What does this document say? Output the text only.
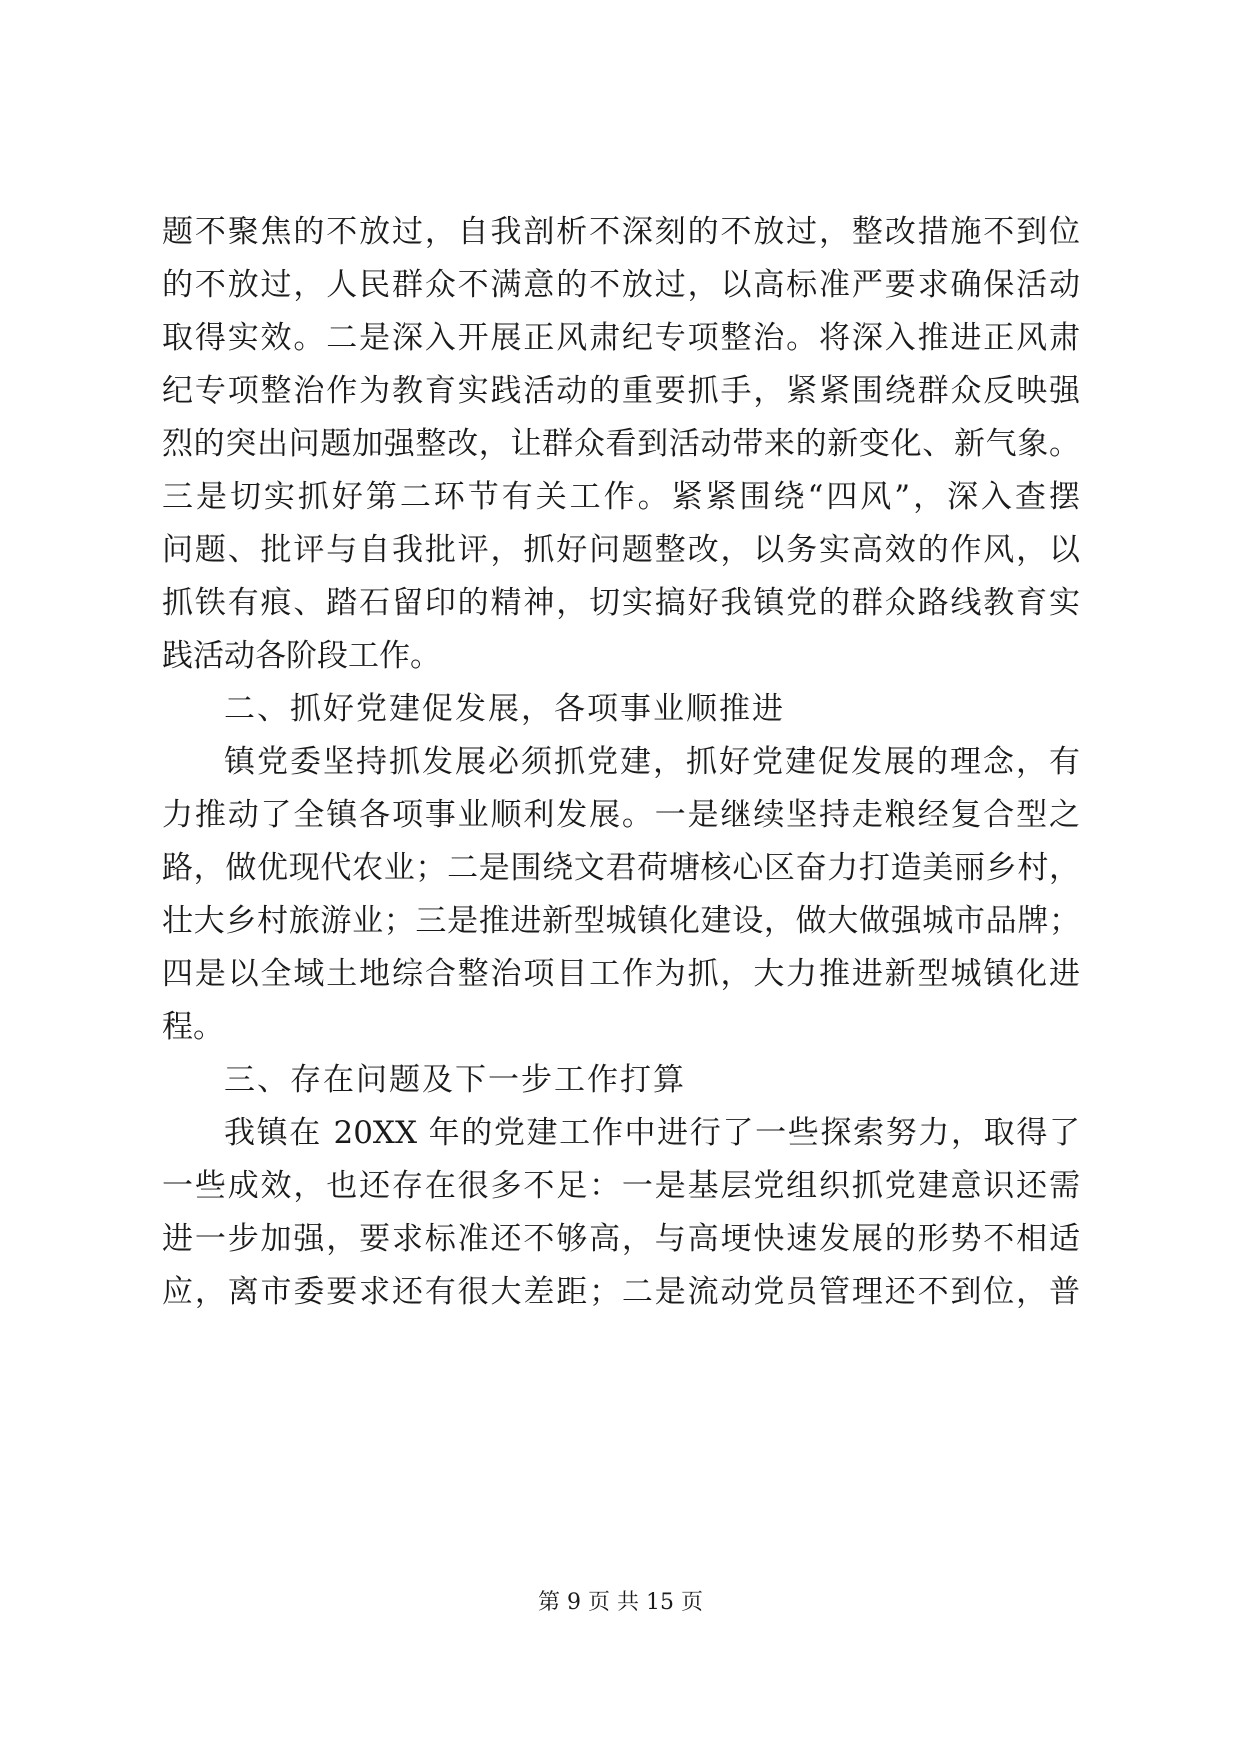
题不聚焦的不放过，自我剖析不深刻的不放过，整改措施不到位
的不放过，人民群众不满意的不放过，以高标准严要求确保活动
取得实效。二是深入开展正风肃纪专项整治。将深入推进正风肃
纪专项整治作为教育实践活动的重要抓手，紧紧围绕群众反映强
烈的突出问题加强整改，让群众看到活动带来的新变化、新气象。
三是切实抓好第二环节有关工作。紧紧围绕“四风”，深入查摆
问题、批评与自我批评，抓好问题整改，以务实高效的作风，以
抓铁有痕、踏石留印的精神，切实搞好我镇党的群众路线教育实
践活动各阶段工作。
二、抓好党建促发展，各项事业顺推进
镇党委坚持抓发展必须抓党建，抓好党建促发展的理念，有
力推动了全镇各项事业顺利发展。一是继续坚持走粮经复合型之
路，做优现代农业；二是围绕文君荷塘核心区奋力打造美丽乡村，
壮大乡村旅游业；三是推进新型城镇化建设，做大做强城市品牌；
四是以全域土地综合整治项目工作为抓，大力推进新型城镇化进
程。
三、存在问题及下一步工作打算
我镇在 20XX 年的党建工作中进行了一些探索努力，取得了
一些成效，也还存在很多不足：一是基层党组织抓党建意识还需
进一步加强，要求标准还不够高，与高埂快速发展的形势不相适
应，离市委要求还有很大差距；二是流动党员管理还不到位，普
第 9 页 共 15 页
